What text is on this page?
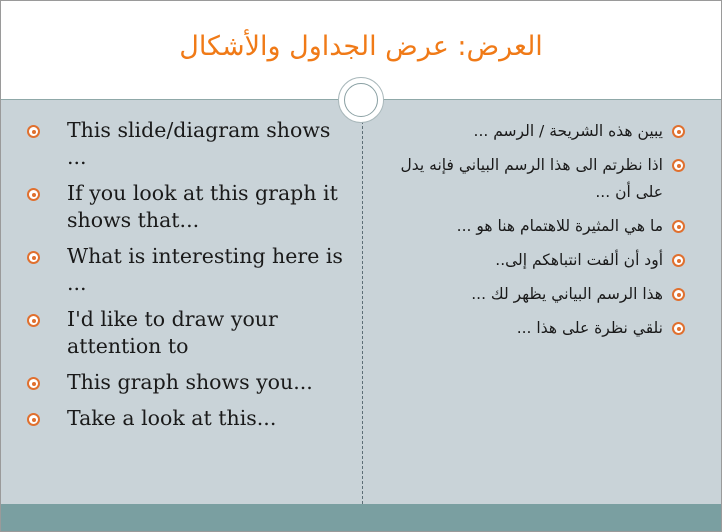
العرض: عرض الجداول والأشكال
This slide/diagram shows ...
If you look at this graph it shows that...
What is interesting here is ...
I'd like to draw your attention to
This graph shows you...
Take a look at this...
يبين هذه الشريحة / الرسم ...
اذا نظرتم الى هذا الرسم البياني فإنه يدل على أن ...
ما هي المثيرة للاهتمام هنا هو ...
أود أن ألفت انتباهكم إلى..
هذا الرسم البياني يظهر لك ...
نلقي نظرة على هذا ...
